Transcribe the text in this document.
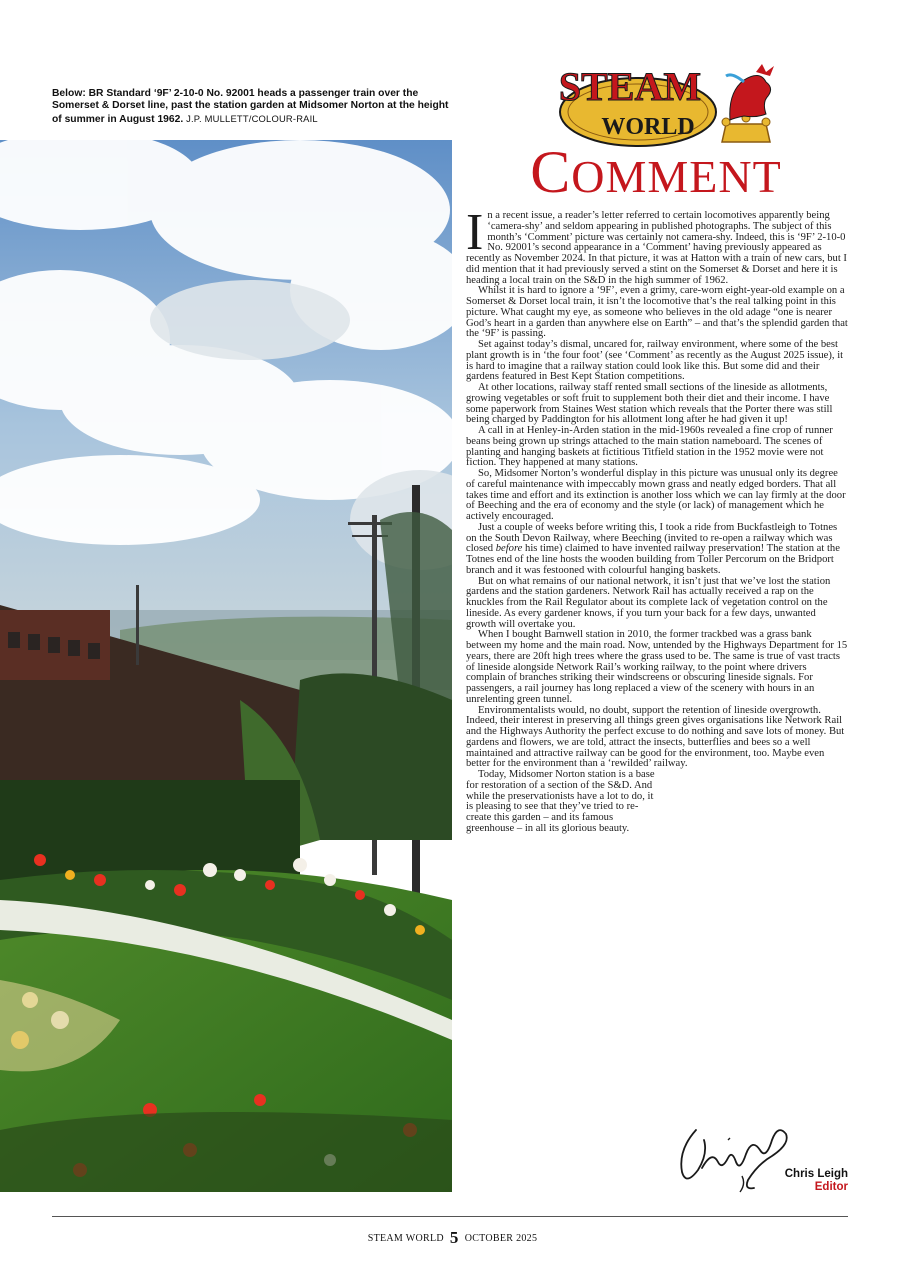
Below: BR Standard ‘9F’ 2-10-0 No. 92001 heads a passenger train over the Somerset & Dorset line, past the station garden at Midsomer Norton at the height of summer in August 1962. J.P. MULLETT/COLOUR-RAIL
STEAM
WORLD
COMMENT

In a recent issue, a reader’s letter referred to certain locomotives apparently being ‘camera-shy’ and seldom appearing in published photographs. The subject of this month’s ‘Comment’ picture was certainly not camera-shy. Indeed, this is ‘9F’ 2-10-0 No. 92001’s second appearance in a ‘Comment’ having previously appeared as recently as November 2024. In that picture, it was at Hatton with a train of new cars, but I did mention that it had previously served a stint on the Somerset & Dorset and here it is heading a local train on the S&D in the high summer of 1962.

Whilst it is hard to ignore a ‘9F’, even a grimy, care-worn eight-year-old example on a Somerset & Dorset local train, it isn’t the locomotive that’s the real talking point in this picture. What caught my eye, as someone who believes in the old adage “one is nearer God’s heart in a garden than anywhere else on Earth” – and that’s the splendid garden that the ‘9F’ is passing.

Set against today’s dismal, uncared for, railway environment, where some of the best plant growth is in ‘the four foot’ (see ‘Comment’ as recently as the August 2025 issue), it is hard to imagine that a railway station could look like this. But some did and their gardens featured in Best Kept Station competitions.

At other locations, railway staff rented small sections of the lineside as allotments, growing vegetables or soft fruit to supplement both their diet and their income. I have some paperwork from Staines West station which reveals that the Porter there was still being charged by Paddington for his allotment long after he had given it up!

A call in at Henley-in-Arden station in the mid-1960s revealed a fine crop of runner beans being grown up strings attached to the main station nameboard. The scenes of planting and hanging baskets at fictitious Titfield station in the 1952 movie were not fiction. They happened at many stations.

So, Midsomer Norton’s wonderful display in this picture was unusual only its degree of careful maintenance with impeccably mown grass and neatly edged borders. That all takes time and effort and its extinction is another loss which we can lay firmly at the door of Beeching and the era of economy and the style (or lack) of management which he actively encouraged.

Just a couple of weeks before writing this, I took a ride from Buckfastleigh to Totnes on the South Devon Railway, where Beeching (invited to re-open a railway which was closed before his time) claimed to have invented railway preservation! The station at the Totnes end of the line hosts the wooden building from Toller Percorum on the Bridport branch and it was festooned with colourful hanging baskets.

But on what remains of our national network, it isn’t just that we’ve lost the station gardens and the station gardeners. Network Rail has actually received a rap on the knuckles from the Rail Regulator about its complete lack of vegetation control on the lineside. As every gardener knows, if you turn your back for a few days, unwanted growth will overtake you.

When I bought Barnwell station in 2010, the former trackbed was a grass bank between my home and the main road. Now, untended by the Highways Department for 15 years, there are 20ft high trees where the grass used to be. The same is true of vast tracts of lineside alongside Network Rail’s working railway, to the point where drivers complain of branches striking their windscreens or obscuring lineside signals. For passengers, a rail journey has long replaced a view of the scenery with hours in an unrelenting green tunnel.

Environmentalists would, no doubt, support the retention of lineside overgrowth. Indeed, their interest in preserving all things green gives organisations like Network Rail and the Highways Authority the perfect excuse to do nothing and save lots of money. But gardens and flowers, we are told, attract the insects, butterflies and bees so a well maintained and attractive railway can be good for the environment, too. Maybe even better for the environment than a ‘rewilded’ railway.

Today, Midsomer Norton station is a base for restoration of a section of the S&D. And while the preservationists have a lot to do, it is pleasing to see that they’ve tried to re-create this garden – and its famous greenhouse – in all its glorious beauty.

Chris Leigh
Editor
STEAM WORLD 5 OCTOBER 2025
